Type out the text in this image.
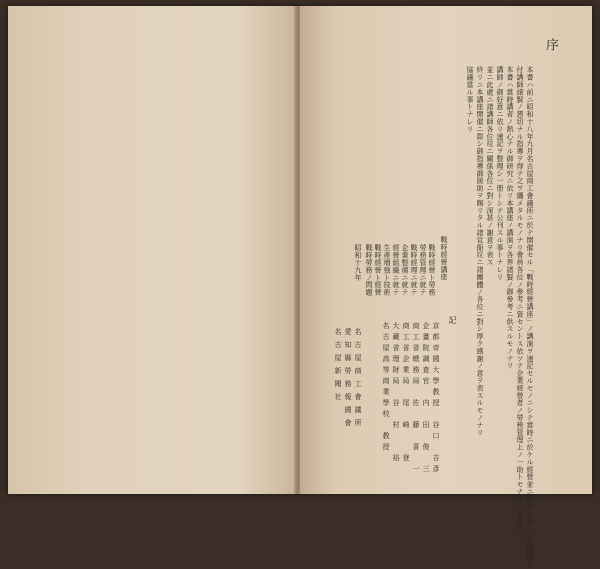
序
本書ハ前ニ昭和十八年九月名古屋商工會議所ニ於テ開催セル「戰時經營講座」ノ講演ヲ速記セルモノニシテ當時ニ於ケル經營並ニ勤勞ニ關スル諸問題ニ
付講師諸賢ノ懇切ナル指導ヲ得テ之ヲ纏メタルモノナリ會員各位ノ參考ニ資セントス依ツテ企業經營者ノ勞務管理上ノ一助トモナラバ幸甚ナリ
本書ハ當時講者ノ熱心ナル御研究ニ依リ本講座ノ講演ヲ各界諸賢ノ御參考ニ供スルモノナリ
講師ノ御好意ニ依リ速記ヲ整理シ一册トシテ公刊スル事トナレリ
並ニ此處ニ諸講師各位竝ニ關係各位ニ對シ深甚ノ謝意ヲ表ス
終リニ本講座開催ニ際シ御指導御援助ヲ賜リタル諸官衙竝ニ諸團體ノ各位ニ對シ厚ク感謝ノ意ヲ表スルモノナリ
協議當ル事トナレリ
記
戰時經營講座
戰時經營ト勞務
勞務管理ニ就テ
戰時經理ニ就テ
企業整備ニ就テ
經營組織ニ就テ
生產増強ト技術
戰時經營ト經營
戰時勞務ノ問題
京都帝國大學教授　谷口　吉彥
企畫院調査官　内　田　俊　三
商工省總務局　佐　藤　喜　一
商工省企業局　尾　崎　　登
大藏省理財局　谷　村　　裕
名古屋高等商業學校　教授
名古屋商工會議所
愛知縣勞務報國會
名古屋新聞社
昭和十九年
